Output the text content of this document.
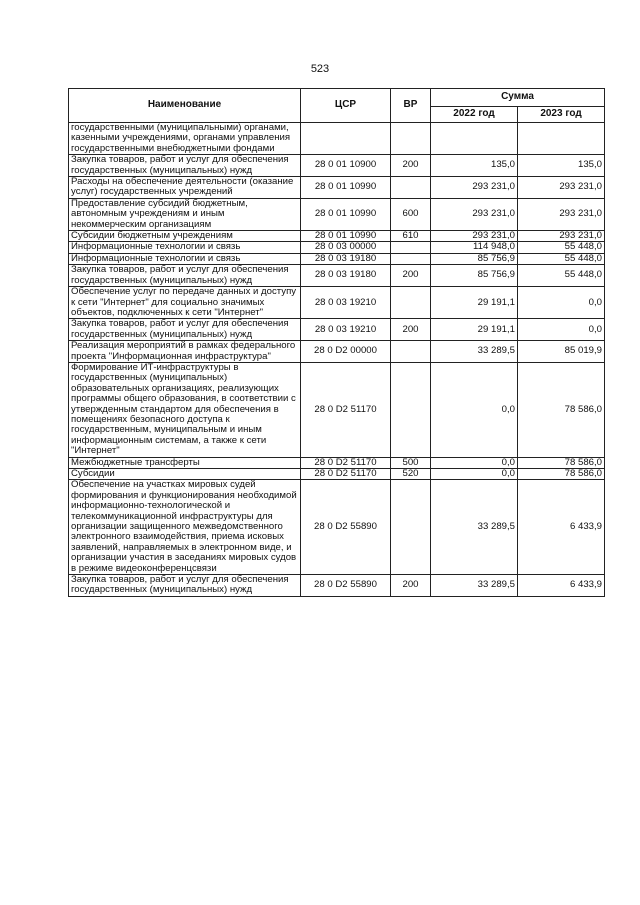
523
Наименование	ЦСР	ВР	Сумма	
			2022 год	2023 год
государственными (муниципальными) органами, казенными учреждениями, органами управления государственными внебюджетными фондами				
Закупка товаров, работ и услуг для обеспечения государственных (муниципальных) нужд	28 0 01 10900	200	135,0	135,0
Расходы на обеспечение деятельности (оказание услуг) государственных учреждений	28 0 01 10990		293 231,0	293 231,0
Предоставление субсидий бюджетным, автономным учреждениям и иным некоммерческим организациям	28 0 01 10990	600	293 231,0	293 231,0
Субсидии бюджетным учреждениям	28 0 01 10990	610	293 231,0	293 231,0
Информационные технологии и связь	28 0 03 00000		114 948,0	55 448,0
Информационные технологии и связь	28 0 03 19180		85 756,9	55 448,0
Закупка товаров, работ и услуг для обеспечения государственных (муниципальных) нужд	28 0 03 19180	200	85 756,9	55 448,0
Обеспечение услуг по передаче данных и доступу к сети "Интернет" для социально значимых объектов, подключенных к сети "Интернет"	28 0 03 19210		29 191,1	0,0
Закупка товаров, работ и услуг для обеспечения государственных (муниципальных) нужд	28 0 03 19210	200	29 191,1	0,0
Реализация мероприятий в рамках федерального проекта "Информационная инфраструктура"	28 0 D2 00000		33 289,5	85 019,9
Формирование ИТ-инфраструктуры в государственных (муниципальных) образовательных организациях, реализующих программы общего образования, в соответствии с утвержденным стандартом для обеспечения в помещениях безопасного доступа к государственным, муниципальным и иным информационным системам, а также к сети "Интернет"	28 0 D2 51170		0,0	78 586,0
Межбюджетные трансферты	28 0 D2 51170	500	0,0	78 586,0
Субсидии	28 0 D2 51170	520	0,0	78 586,0
Обеспечение на участках мировых судей формирования и функционирования необходимой информационно-технологической и телекоммуникационной инфраструктуры для организации защищенного межведомственного электронного взаимодействия, приема исковых заявлений, направляемых в электронном виде, и организации участия в заседаниях мировых судов в режиме видеоконференцсвязи	28 0 D2 55890		33 289,5	6 433,9
Закупка товаров, работ и услуг для обеспечения государственных (муниципальных) нужд	28 0 D2 55890	200	33 289,5	6 433,9
